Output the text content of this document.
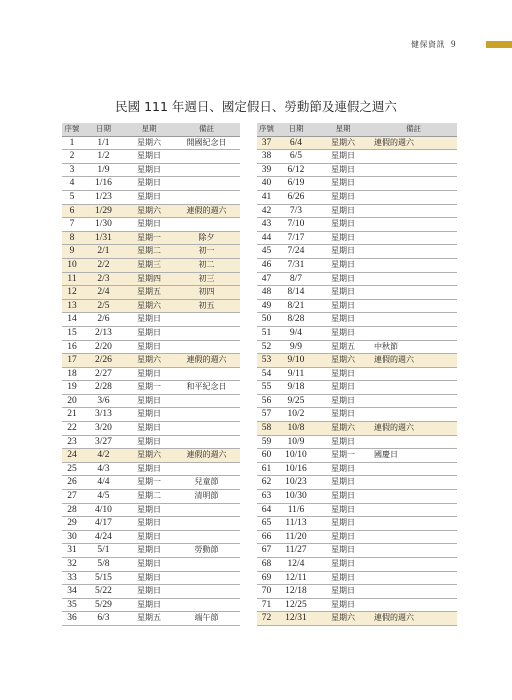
健保資訊 9
民國 111 年週日、國定假日、勞動節及連假之週六
序號	日期	星期	備註
1	1/1	星期六	開國紀念日
2	1/2	星期日	
3	1/9	星期日	
4	1/16	星期日	
5	1/23	星期日	
6	1/29	星期六	連假的週六
7	1/30	星期日	
8	1/31	星期一	除夕
9	2/1	星期二	初一
10	2/2	星期三	初二
11	2/3	星期四	初三
12	2/4	星期五	初四
13	2/5	星期六	初五
14	2/6	星期日	
15	2/13	星期日	
16	2/20	星期日	
17	2/26	星期六	連假的週六
18	2/27	星期日	
19	2/28	星期一	和平紀念日
20	3/6	星期日	
21	3/13	星期日	
22	3/20	星期日	
23	3/27	星期日	
24	4/2	星期六	連假的週六
25	4/3	星期日	
26	4/4	星期一	兒童節
27	4/5	星期二	清明節
28	4/10	星期日	
29	4/17	星期日	
30	4/24	星期日	
31	5/1	星期日	勞動節
32	5/8	星期日	
33	5/15	星期日	
34	5/22	星期日	
35	5/29	星期日	
36	6/3	星期五	端午節
序號	日期	星期	備註
37	6/4	星期六	連假的週六
38	6/5	星期日	
39	6/12	星期日	
40	6/19	星期日	
41	6/26	星期日	
42	7/3	星期日	
43	7/10	星期日	
44	7/17	星期日	
45	7/24	星期日	
46	7/31	星期日	
47	8/7	星期日	
48	8/14	星期日	
49	8/21	星期日	
50	8/28	星期日	
51	9/4	星期日	
52	9/9	星期五	中秋節
53	9/10	星期六	連假的週六
54	9/11	星期日	
55	9/18	星期日	
56	9/25	星期日	
57	10/2	星期日	
58	10/8	星期六	連假的週六
59	10/9	星期日	
60	10/10	星期一	國慶日
61	10/16	星期日	
62	10/23	星期日	
63	10/30	星期日	
64	11/6	星期日	
65	11/13	星期日	
66	11/20	星期日	
67	11/27	星期日	
68	12/4	星期日	
69	12/11	星期日	
70	12/18	星期日	
71	12/25	星期日	
72	12/31	星期六	連假的週六
